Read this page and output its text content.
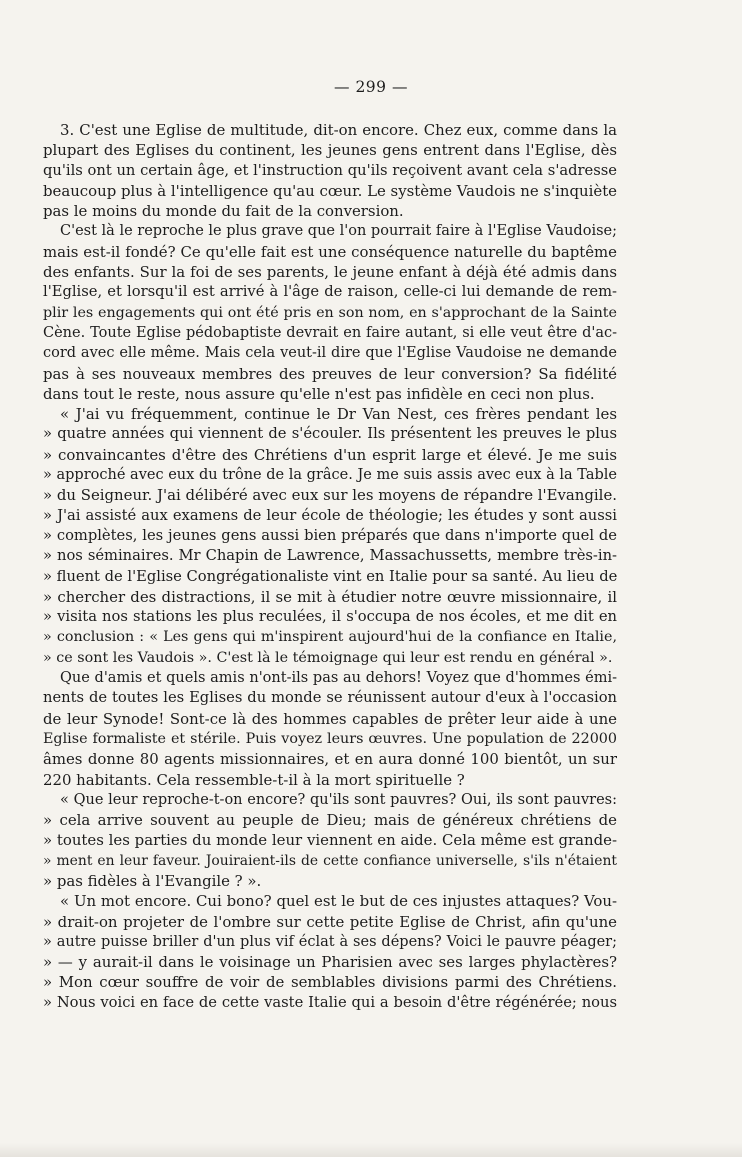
— 299 —
3. C'est une Eglise de multitude, dit-on encore. Chez eux, comme dans la
plupart des Eglises du continent, les jeunes gens entrent dans l'Eglise, dès
qu'ils ont un certain âge, et l'instruction qu'ils reçoivent avant cela s'adresse
beaucoup plus à l'intelligence qu'au cœur. Le système Vaudois ne s'inquiète
pas le moins du monde du fait de la conversion.
C'est là le reproche le plus grave que l'on pourrait faire à l'Eglise Vaudoise;
mais est-il fondé? Ce qu'elle fait est une conséquence naturelle du baptême
des enfants. Sur la foi de ses parents, le jeune enfant à déjà été admis dans
l'Eglise, et lorsqu'il est arrivé à l'âge de raison, celle-ci lui demande de rem-
plir les engagements qui ont été pris en son nom, en s'approchant de la Sainte
Cène. Toute Eglise pédobaptiste devrait en faire autant, si elle veut être d'ac-
cord avec elle même. Mais cela veut-il dire que l'Eglise Vaudoise ne demande
pas à ses nouveaux membres des preuves de leur conversion? Sa fidélité
dans tout le reste, nous assure qu'elle n'est pas infidèle en ceci non plus.
« J'ai vu fréquemment, continue le Dr Van Nest, ces frères pendant les
» quatre années qui viennent de s'écouler. Ils présentent les preuves le plus
» convaincantes d'être des Chrétiens d'un esprit large et élevé. Je me suis
» approché avec eux du trône de la grâce. Je me suis assis avec eux à la Table
» du Seigneur. J'ai délibéré avec eux sur les moyens de répandre l'Evangile.
» J'ai assisté aux examens de leur école de théologie; les études y sont aussi
» complètes, les jeunes gens aussi bien préparés que dans n'importe quel de
» nos séminaires. Mr Chapin de Lawrence, Massachussetts, membre très-in-
» fluent de l'Eglise Congrégationaliste vint en Italie pour sa santé. Au lieu de
» chercher des distractions, il se mit à étudier notre œuvre missionnaire, il
» visita nos stations les plus reculées, il s'occupa de nos écoles, et me dit en
» conclusion : « Les gens qui m'inspirent aujourd'hui de la confiance en Italie,
» ce sont les Vaudois ». C'est là le témoignage qui leur est rendu en général ».
Que d'amis et quels amis n'ont-ils pas au dehors! Voyez que d'hommes émi-
nents de toutes les Eglises du monde se réunissent autour d'eux à l'occasion
de leur Synode! Sont-ce là des hommes capables de prêter leur aide à une
Eglise formaliste et stérile. Puis voyez leurs œuvres. Une population de 22000
âmes donne 80 agents missionnaires, et en aura donné 100 bientôt, un sur
220 habitants. Cela ressemble-t-il à la mort spirituelle ?
« Que leur reproche-t-on encore? qu'ils sont pauvres? Oui, ils sont pauvres:
» cela arrive souvent au peuple de Dieu; mais de généreux chrétiens de
» toutes les parties du monde leur viennent en aide. Cela même est grande-
» ment en leur faveur. Jouiraient-ils de cette confiance universelle, s'ils n'étaient
» pas fidèles à l'Evangile ? ».
« Un mot encore. Cui bono? quel est le but de ces injustes attaques? Vou-
» drait-on projeter de l'ombre sur cette petite Eglise de Christ, afin qu'une
» autre puisse briller d'un plus vif éclat à ses dépens? Voici le pauvre péager;
» — y aurait-il dans le voisinage un Pharisien avec ses larges phylactères?
» Mon cœur souffre de voir de semblables divisions parmi des Chrétiens.
» Nous voici en face de cette vaste Italie qui a besoin d'être régénérée; nous
